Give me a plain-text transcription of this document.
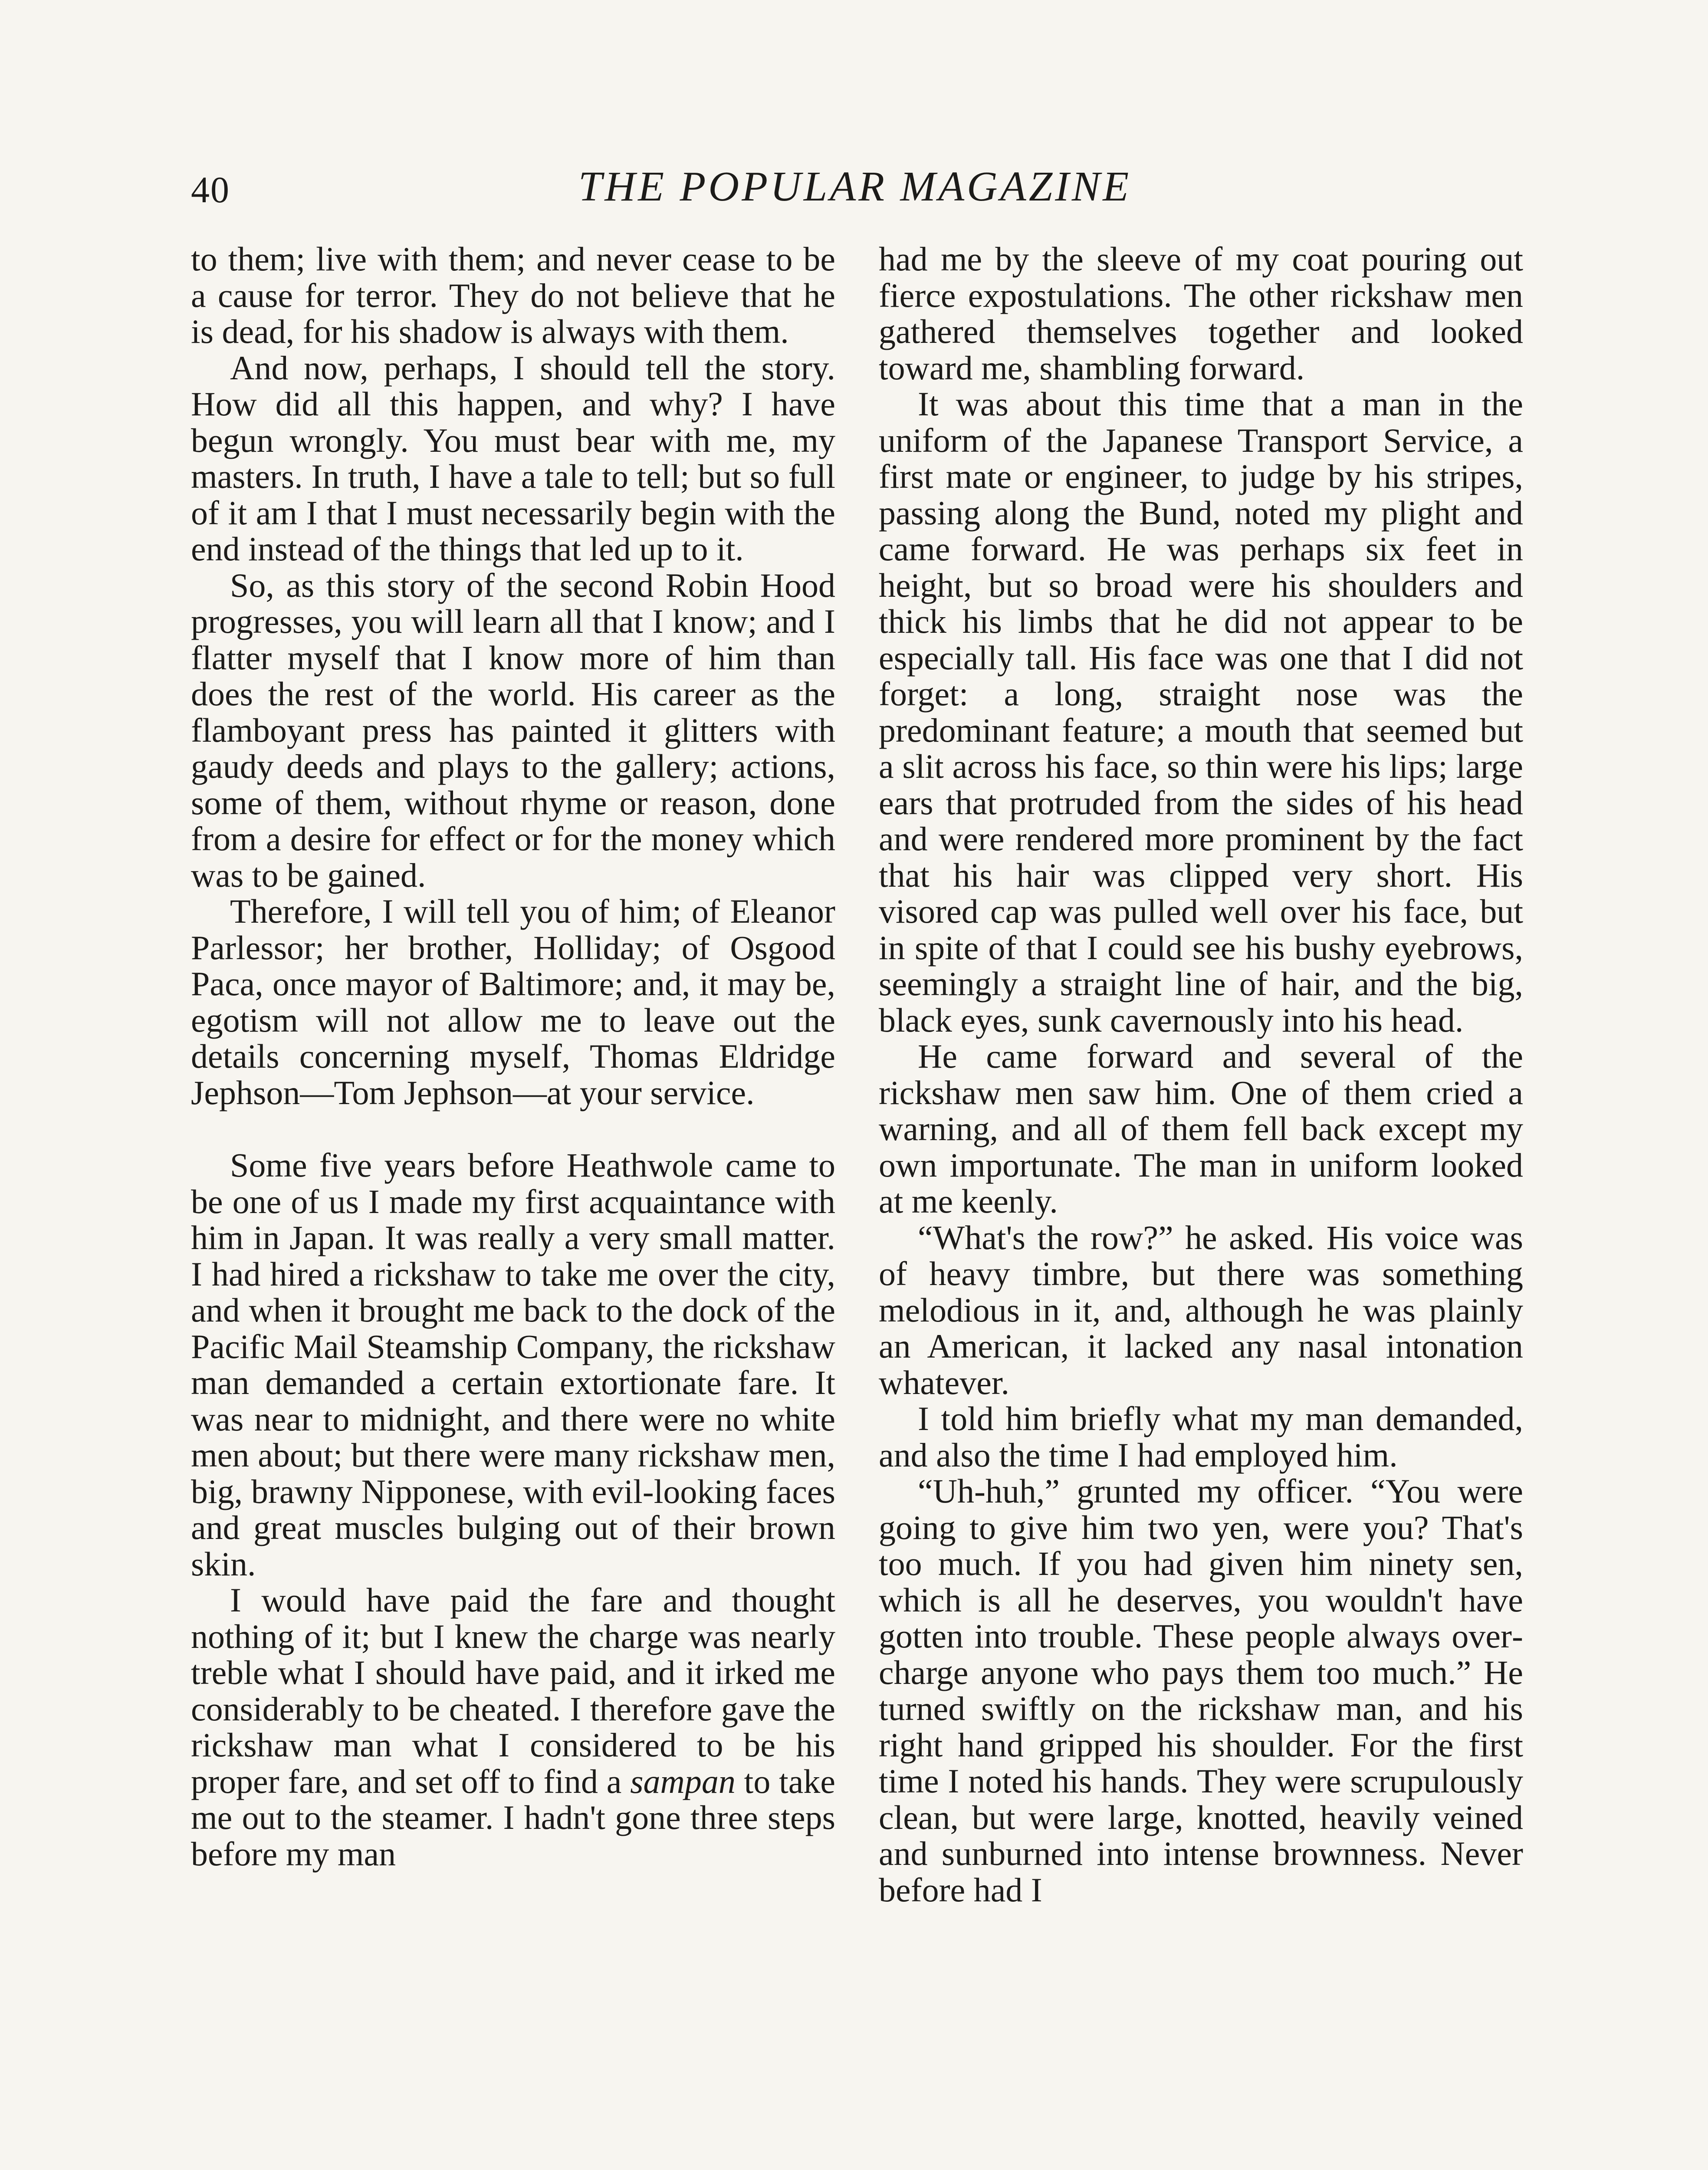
40	THE POPULAR MAGAZINE

to them; live with them; and never cease to be a cause for terror. They do not believe that he is dead, for his shadow is always with them.

And now, perhaps, I should tell the story. How did all this happen, and why? I have begun wrongly. You must bear with me, my masters. In truth, I have a tale to tell; but so full of it am I that I must necessarily begin with the end instead of the things that led up to it.

So, as this story of the second Robin Hood progresses, you will learn all that I know; and I flatter myself that I know more of him than does the rest of the world. His career as the flamboyant press has painted it glitters with gaudy deeds and plays to the gallery; actions, some of them, without rhyme or reason, done from a desire for effect or for the money which was to be gained.

Therefore, I will tell you of him; of Eleanor Parlessor; her brother, Holliday; of Osgood Paca, once mayor of Baltimore; and, it may be, egotism will not allow me to leave out the details concerning myself, Thomas Eldridge Jephson—Tom Jephson—at your service.

Some five years before Heathwole came to be one of us I made my first acquaintance with him in Japan. It was really a very small matter. I had hired a rickshaw to take me over the city, and when it brought me back to the dock of the Pacific Mail Steamship Company, the rickshaw man demanded a certain extortionate fare. It was near to midnight, and there were no white men about; but there were many rickshaw men, big, brawny Nipponese, with evil-looking faces and great muscles bulging out of their brown skin.

I would have paid the fare and thought nothing of it; but I knew the charge was nearly treble what I should have paid, and it irked me considerably to be cheated. I therefore gave the rickshaw man what I considered to be his proper fare, and set off to find a sampan to take me out to the steamer. I hadn't gone three steps before my man

had me by the sleeve of my coat pouring out fierce expostulations. The other rickshaw men gathered themselves together and looked toward me, shambling forward.

It was about this time that a man in the uniform of the Japanese Transport Service, a first mate or engineer, to judge by his stripes, passing along the Bund, noted my plight and came forward. He was perhaps six feet in height, but so broad were his shoulders and thick his limbs that he did not appear to be especially tall. His face was one that I did not forget: a long, straight nose was the predominant feature; a mouth that seemed but a slit across his face, so thin were his lips; large ears that protruded from the sides of his head and were rendered more prominent by the fact that his hair was clipped very short. His visored cap was pulled well over his face, but in spite of that I could see his bushy eyebrows, seemingly a straight line of hair, and the big, black eyes, sunk cavernously into his head.

He came forward and several of the rickshaw men saw him. One of them cried a warning, and all of them fell back except my own importunate. The man in uniform looked at me keenly.

“What's the row?” he asked. His voice was of heavy timbre, but there was something melodious in it, and, although he was plainly an American, it lacked any nasal intonation whatever.

I told him briefly what my man demanded, and also the time I had employed him.

“Uh-huh,” grunted my officer. “You were going to give him two yen, were you? That's too much. If you had given him ninety sen, which is all he deserves, you wouldn't have gotten into trouble. These people always overcharge anyone who pays them too much.” He turned swiftly on the rickshaw man, and his right hand gripped his shoulder. For the first time I noted his hands. They were scrupulously clean, but were large, knotted, heavily veined and sunburned into intense brownness. Never before had I
